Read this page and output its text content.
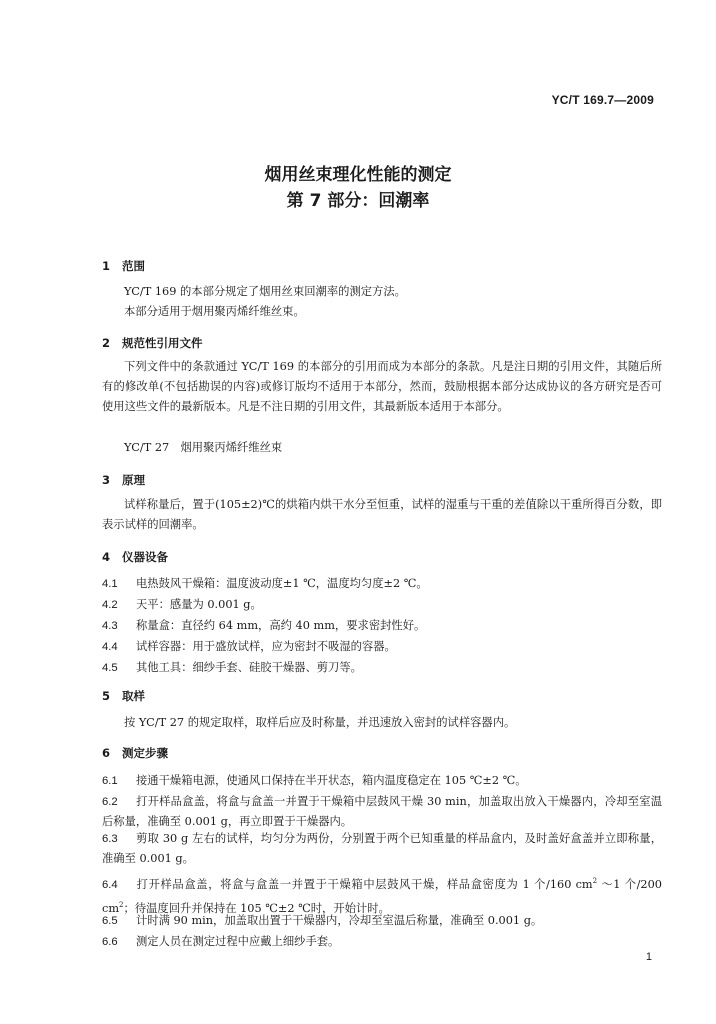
YC/T 169.7—2009
烟用丝束理化性能的测定
第 7 部分：回潮率
1 范围
YC/T 169 的本部分规定了烟用丝束回潮率的测定方法。
本部分适用于烟用聚丙烯纤维丝束。
2 规范性引用文件
下列文件中的条款通过 YC/T 169 的本部分的引用而成为本部分的条款。凡是注日期的引用文件，其随后所有的修改单(不包括勘误的内容)或修订版均不适用于本部分，然而，鼓励根据本部分达成协议的各方研究是否可使用这些文件的最新版本。凡是不注日期的引用文件，其最新版本适用于本部分。
YC/T 27　烟用聚丙烯纤维丝束
3 原理
试样称量后，置于(105±2)℃的烘箱内烘干水分至恒重，试样的湿重与干重的差值除以干重所得百分数，即表示试样的回潮率。
4 仪器设备
4.1 电热鼓风干燥箱：温度波动度±1 ℃，温度均匀度±2 ℃。
4.2 天平：感量为 0.001 g。
4.3 称量盒：直径约 64 mm，高约 40 mm，要求密封性好。
4.4 试样容器：用于盛放试样，应为密封不吸湿的容器。
4.5 其他工具：细纱手套、硅胶干燥器、剪刀等。
5 取样
按 YC/T 27 的规定取样，取样后应及时称量，并迅速放入密封的试样容器内。
6 测定步骤
6.1 接通干燥箱电源，使通风口保持在半开状态，箱内温度稳定在 105 ℃±2 ℃。
6.2 打开样品盒盖，将盒与盒盖一并置于干燥箱中层鼓风干燥 30 min，加盖取出放入干燥器内，冷却至室温后称量，准确至 0.001 g，再立即置于干燥器内。
6.3 剪取 30 g 左右的试样，均匀分为两份，分别置于两个已知重量的样品盒内，及时盖好盒盖并立即称量，准确至 0.001 g。
6.4 打开样品盒盖，将盒与盒盖一并置于干燥箱中层鼓风干燥，样品盒密度为 1 个/160 $cm^2$ ～1 个/200 $cm^2$；待温度回升并保持在 105 ℃±2 ℃时，开始计时。
6.5 计时满 90 min，加盖取出置于干燥器内，冷却至室温后称量，准确至 0.001 g。
6.6 测定人员在测定过程中应戴上细纱手套。
1
